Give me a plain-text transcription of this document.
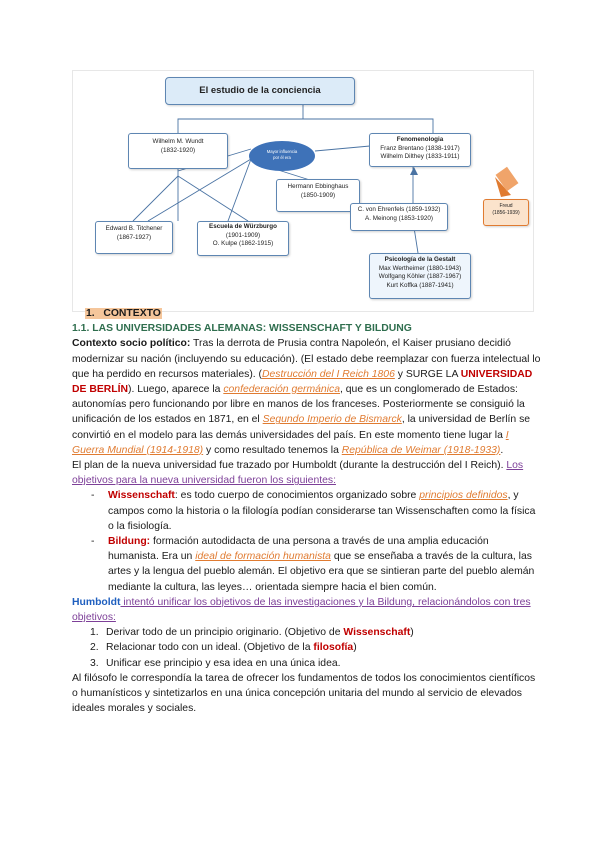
El estudio de la conciencia
Wilhelm M. Wundt
(1832-1920)	Mayor influencia
por él era
Hermann Ebbinghaus
(1850-1909)
Fenomenologia
Franz Brentano (1838-1917)
Wilhelm Dilthey (1833-1911)
Freud
(1856-1939)
C. von Ehrenfels (1859-1932)
A. Meinong (1853-1920)
Edward B. Titchener
(1867-1927)
Escuela de Würzburgo
(1901-1909)
O. Kulpe (1862-1915)
Psicología de la Gestalt
Max Wertheimer (1880-1943)
Wolfgang Köhler (1887-1967)
Kurt Koffka (1887-1941)

1. CONTEXTO

1.1. LAS UNIVERSIDADES ALEMANAS: WISSENSCHAFT Y BILDUNG

Contexto socio político: Tras la derrota de Prusia contra Napoleón, el Kaiser prusiano decidió modernizar su nación (incluyendo su educación). (El estado debe reemplazar con fuerza intelectual lo que ha perdido en recursos materiales). (Destrucción del I Reich 1806 y SURGE LA UNIVERSIDAD DE BERLÍN). Luego, aparece la confederación germánica, que es un conglomerado de Estados: autonomías pero funcionando por libre en manos de los franceses. Posteriormente se consiguió la unificación de los estados en 1871, en el Segundo Imperio de Bismarck, la universidad de Berlín se convirtió en el modelo para las demás universidades del país. En este momento tiene lugar la I Guerra Mundial (1914-1918) y como resultado tenemos la República de Weimar (1918-1933).

El plan de la nueva universidad fue trazado por Humboldt (durante la destrucción del I Reich). Los objetivos para la nueva universidad fueron los siguientes:

- Wissenschaft: es todo cuerpo de conocimientos organizado sobre principios definidos, y campos como la historia o la filología podían considerarse tan Wissenschaften como la física o la fisiología.
- Bildung: formación autodidacta de una persona a través de una amplia educación humanista. Era un ideal de formación humanista que se enseñaba a través de la cultura, las artes y la lengua del pueblo alemán. El objetivo era que se sintieran parte del pueblo alemán mediante la cultura, las leyes… orientada siempre hacia el bien común.

Humboldt intentó unificar los objetivos de las investigaciones y la Bildung, relacionándolos con tres objetivos:

1. Derivar todo de un principio originario. (Objetivo de Wissenschaft)
2. Relacionar todo con un ideal. (Objetivo de la filosofía)
3. Unificar ese principio y esa idea en una única idea.

Al filósofo le correspondía la tarea de ofrecer los fundamentos de todos los conocimientos científicos o humanísticos y sintetizarlos en una única concepción unitaria del mundo al servicio de elevados ideales morales y sociales.
